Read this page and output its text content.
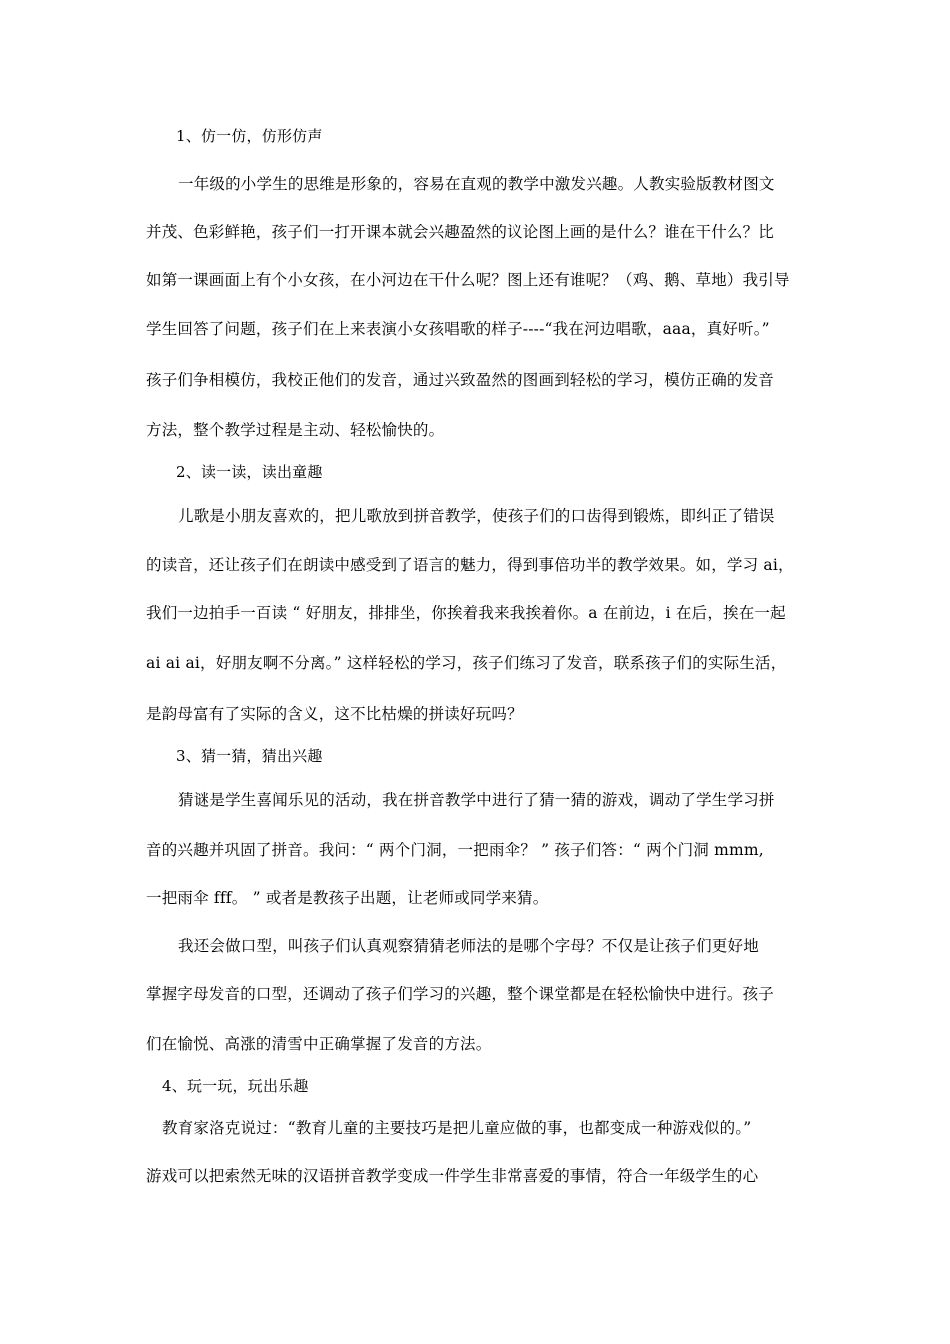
1、仿一仿，仿形仿声
一年级的小学生的思维是形象的，容易在直观的教学中激发兴趣。人教实验版教材图文
并茂、色彩鲜艳，孩子们一打开课本就会兴趣盈然的议论图上画的是什么？谁在干什么？比
如第一课画面上有个小女孩，在小河边在干什么呢？图上还有谁呢？（鸡、鹅、草地）我引导
学生回答了问题，孩子们在上来表演小女孩唱歌的样子----“我在河边唱歌，aaa，真好听。”
孩子们争相模仿，我校正他们的发音，通过兴致盈然的图画到轻松的学习，模仿正确的发音
方法，整个教学过程是主动、轻松愉快的。
2、读一读，读出童趣
儿歌是小朋友喜欢的，把儿歌放到拼音教学，使孩子们的口齿得到锻炼，即纠正了错误
的读音，还让孩子们在朗读中感受到了语言的魅力，得到事倍功半的教学效果。如，学习 ai，
我们一边拍手一百读 “ 好朋友，排排坐，你挨着我来我挨着你。a 在前边，i 在后，挨在一起
ai ai ai，好朋友啊不分离。” 这样轻松的学习，孩子们练习了发音，联系孩子们的实际生活，
是韵母富有了实际的含义，这不比枯燥的拼读好玩吗？
3、猜一猜，猜出兴趣
猜谜是学生喜闻乐见的活动，我在拼音教学中进行了猜一猜的游戏，调动了学生学习拼
音的兴趣并巩固了拼音。我问：“ 两个门洞，一把雨伞？ ” 孩子们答：“ 两个门洞 mmm,
一把雨伞 fff。 ” 或者是教孩子出题，让老师或同学来猜。
我还会做口型，叫孩子们认真观察猜猜老师法的是哪个字母？不仅是让孩子们更好地
掌握字母发音的口型，还调动了孩子们学习的兴趣，整个课堂都是在轻松愉快中进行。孩子
们在愉悦、高涨的清雪中正确掌握了发音的方法。
4、玩一玩，玩出乐趣
教育家洛克说过：“教育儿童的主要技巧是把儿童应做的事，也都变成一种游戏似的。”
游戏可以把索然无味的汉语拼音教学变成一件学生非常喜爱的事情，符合一年级学生的心
